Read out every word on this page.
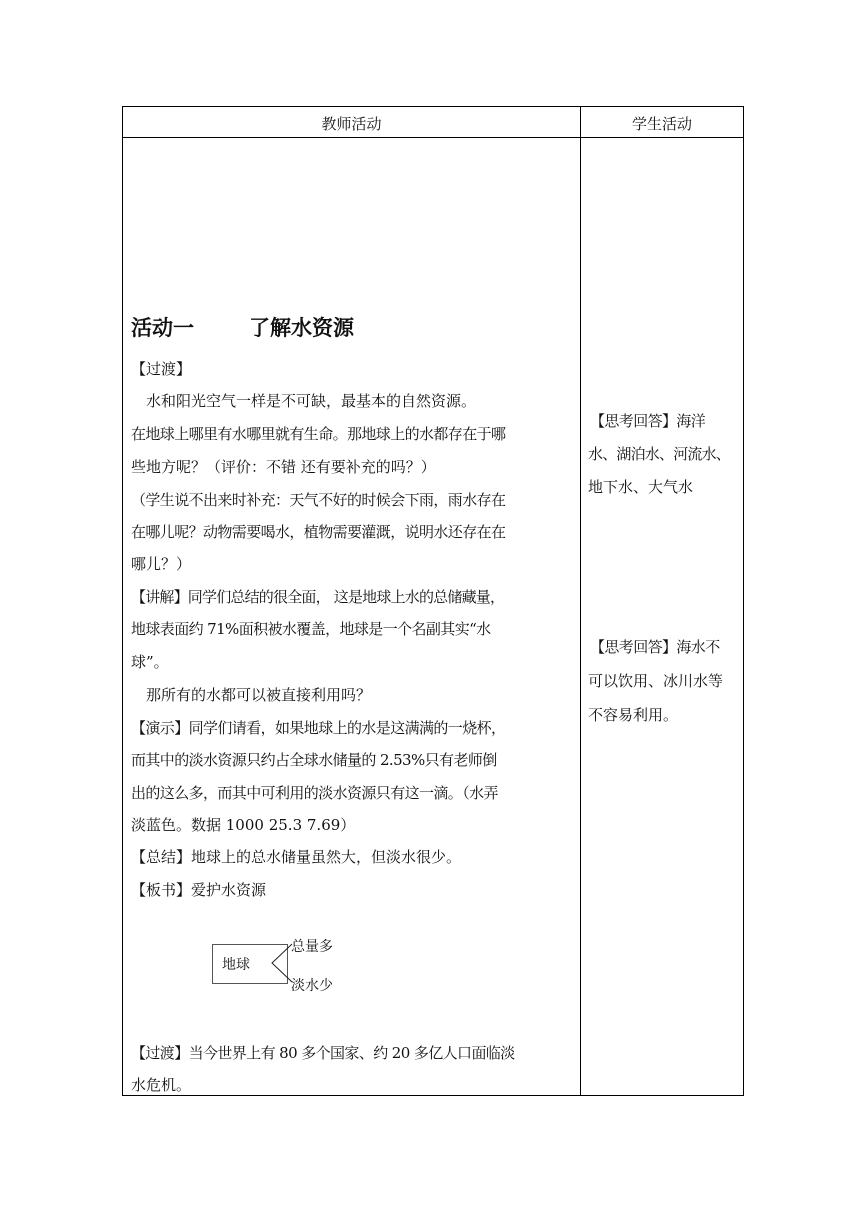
教师活动	学生活动
活动一	了解水资源
【过渡】
水和阳光空气一样是不可缺，最基本的自然资源。
在地球上哪里有水哪里就有生命。那地球上的水都存在于哪
些地方呢？（评价：不错 还有要补充的吗？）
（学生说不出来时补充：天气不好的时候会下雨，雨水存在
在哪儿呢？动物需要喝水，植物需要灌溉，说明水还存在在
哪儿？）
【讲解】同学们总结的很全面， 这是地球上水的总储藏量，
地球表面约 71%面积被水覆盖，地球是一个名副其实“水
球”。
那所有的水都可以被直接利用吗？
【演示】同学们请看，如果地球上的水是这满满的一烧杯，
而其中的淡水资源只约占全球水储量的 2.53%只有老师倒
出的这么多，而其中可利用的淡水资源只有这一滴。（水弄
淡蓝色。数据 1000 25.3 7.69）
【总结】地球上的总水储量虽然大，但淡水很少。
【板书】爱护水资源
地球
总量多
淡水少
【过渡】当今世界上有 80 多个国家、约 20 多亿人口面临淡
水危机。
【思考回答】海洋
水、湖泊水、河流水、
地下水、大气水
【思考回答】海水不
可以饮用、冰川水等
不容易利用。
